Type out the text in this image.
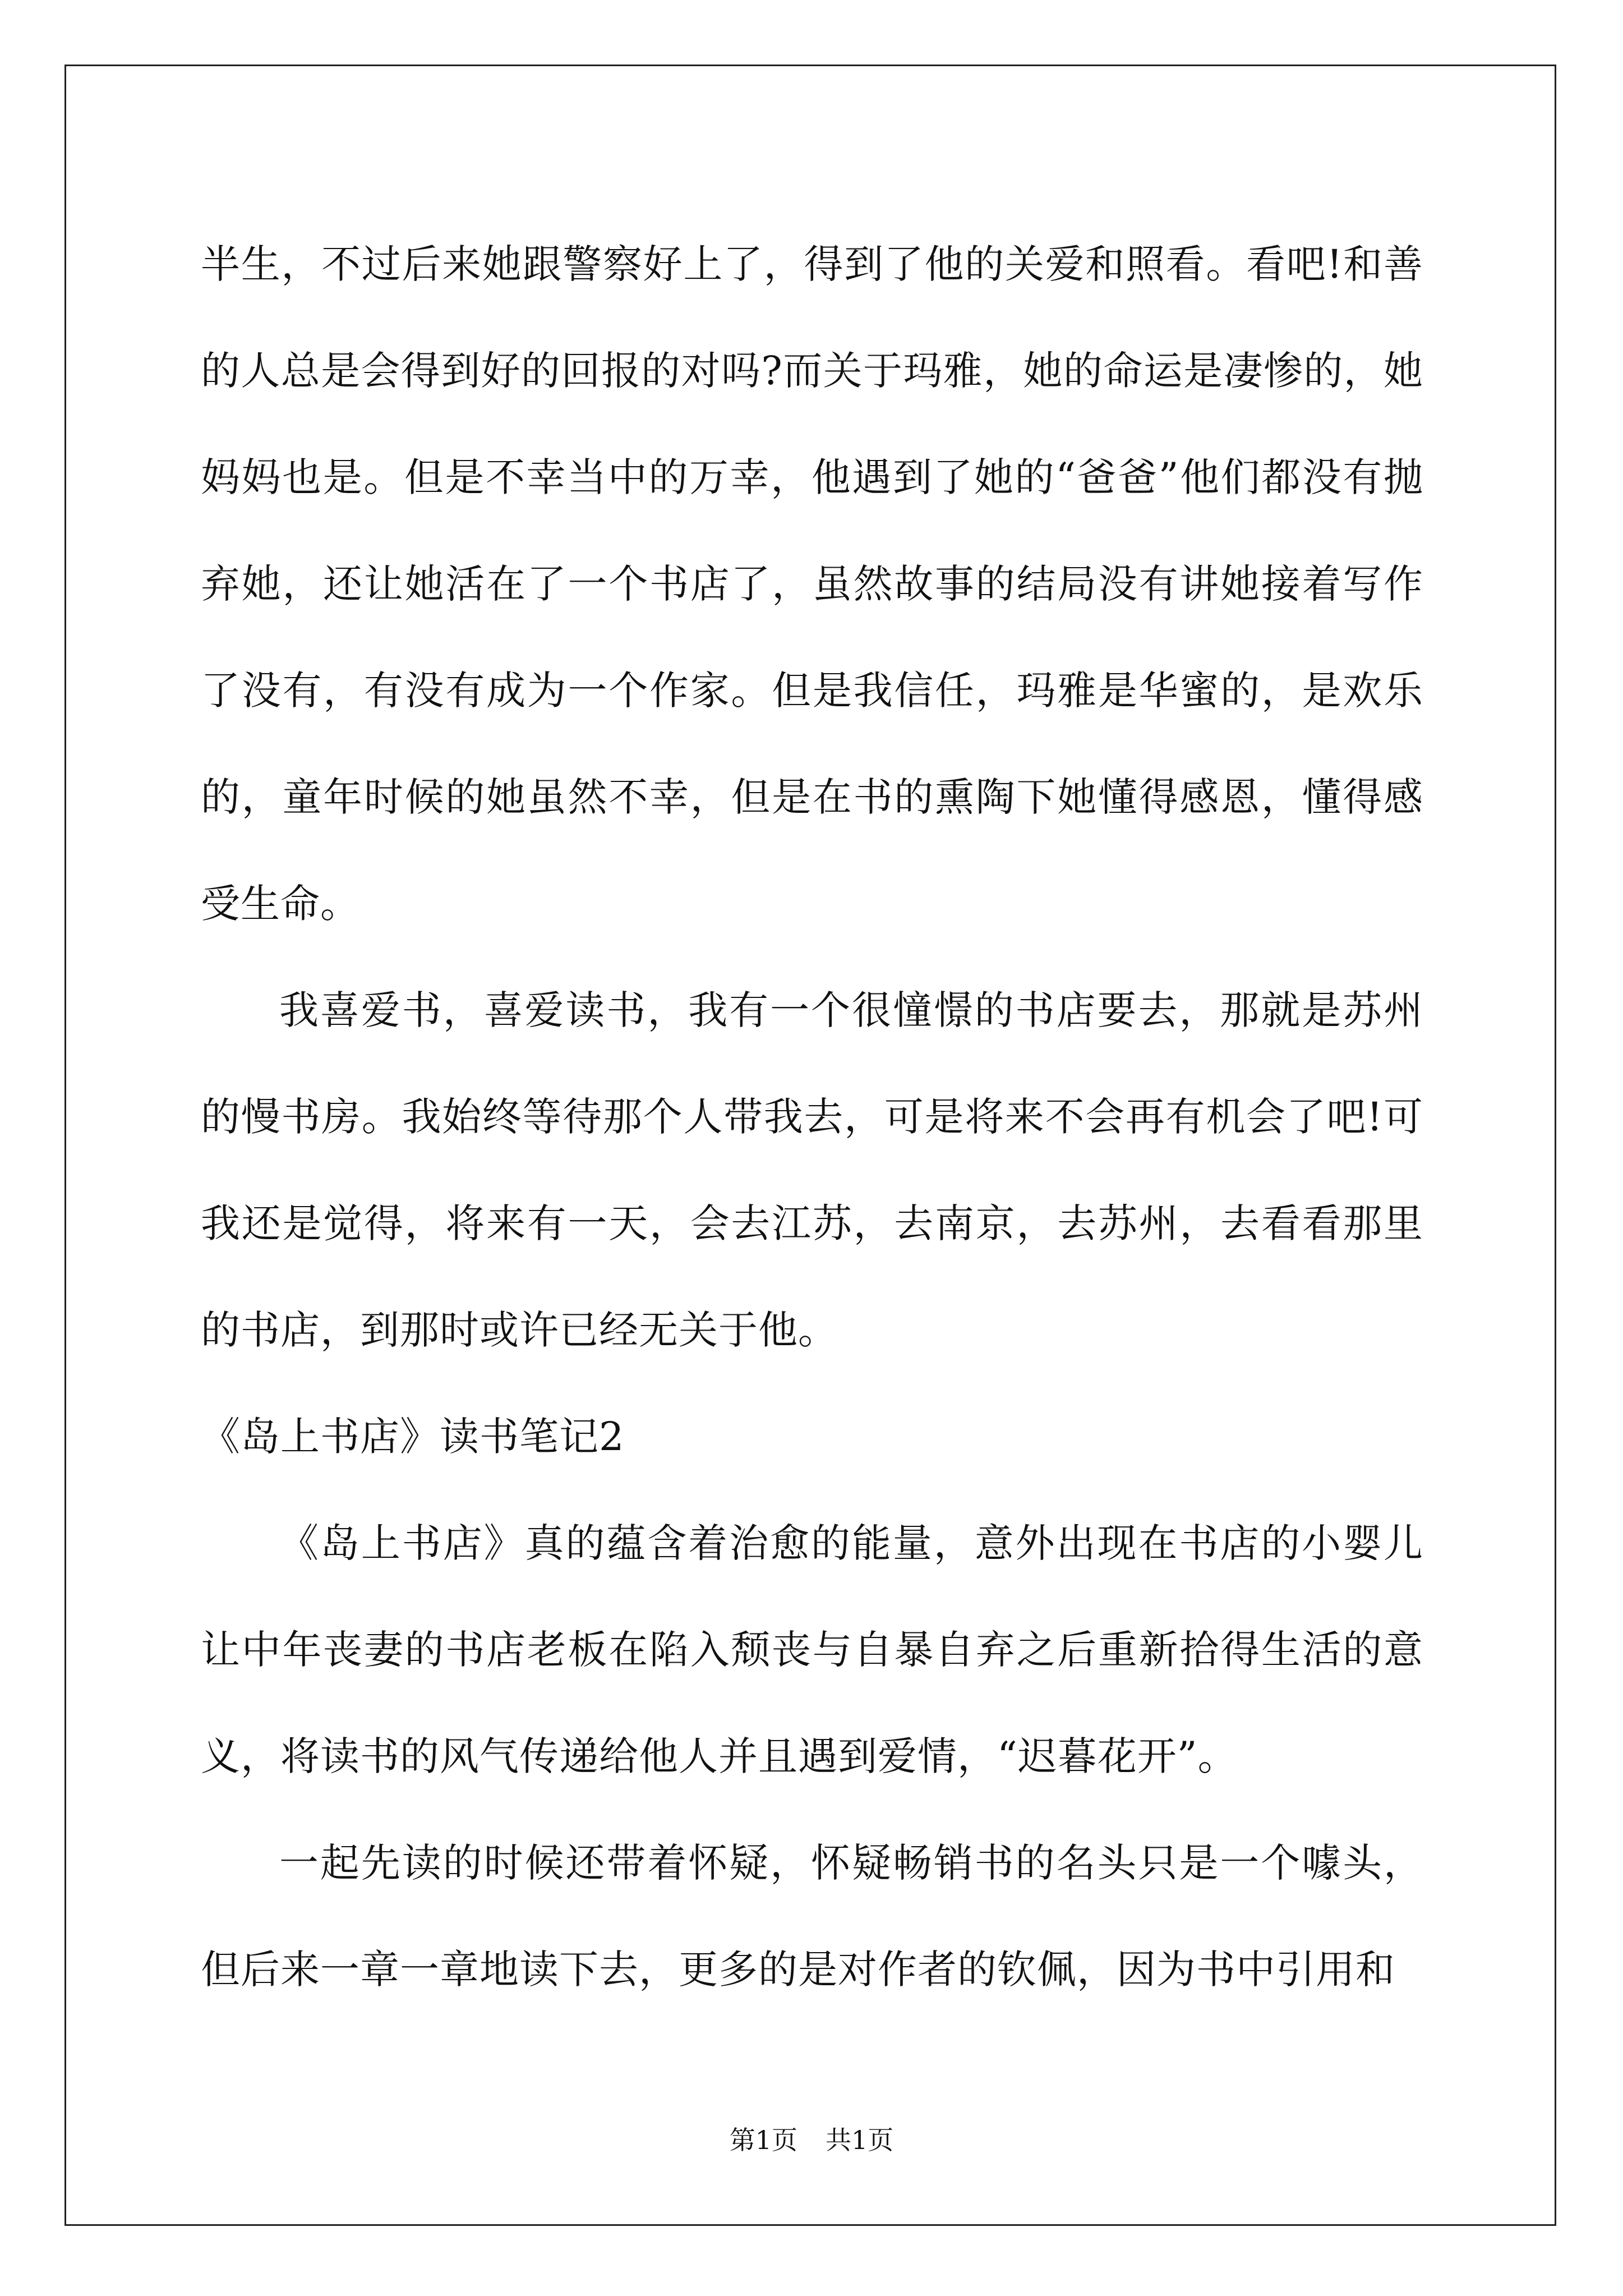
半生，不过后来她跟警察好上了，得到了他的关爱和照看。看吧!和善的人总是会得到好的回报的对吗?而关于玛雅，她的命运是凄惨的，她妈妈也是。但是不幸当中的万幸，他遇到了她的“爸爸”他们都没有抛弃她，还让她活在了一个书店了，虽然故事的结局没有讲她接着写作了没有，有没有成为一个作家。但是我信任，玛雅是华蜜的，是欢乐的，童年时候的她虽然不幸，但是在书的熏陶下她懂得感恩，懂得感受生命。

我喜爱书，喜爱读书，我有一个很憧憬的书店要去，那就是苏州的慢书房。我始终等待那个人带我去，可是将来不会再有机会了吧!可我还是觉得，将来有一天，会去江苏，去南京，去苏州，去看看那里的书店，到那时或许已经无关于他。

《岛上书店》读书笔记2

《岛上书店》真的蕴含着治愈的能量，意外出现在书店的小婴儿让中年丧妻的书店老板在陷入颓丧与自暴自弃之后重新拾得生活的意义，将读书的风气传递给他人并且遇到爱情，“迟暮花开”。

一起先读的时候还带着怀疑，怀疑畅销书的名头只是一个噱头，但后来一章一章地读下去，更多的是对作者的钦佩，因为书中引用和

第1页 共1页
